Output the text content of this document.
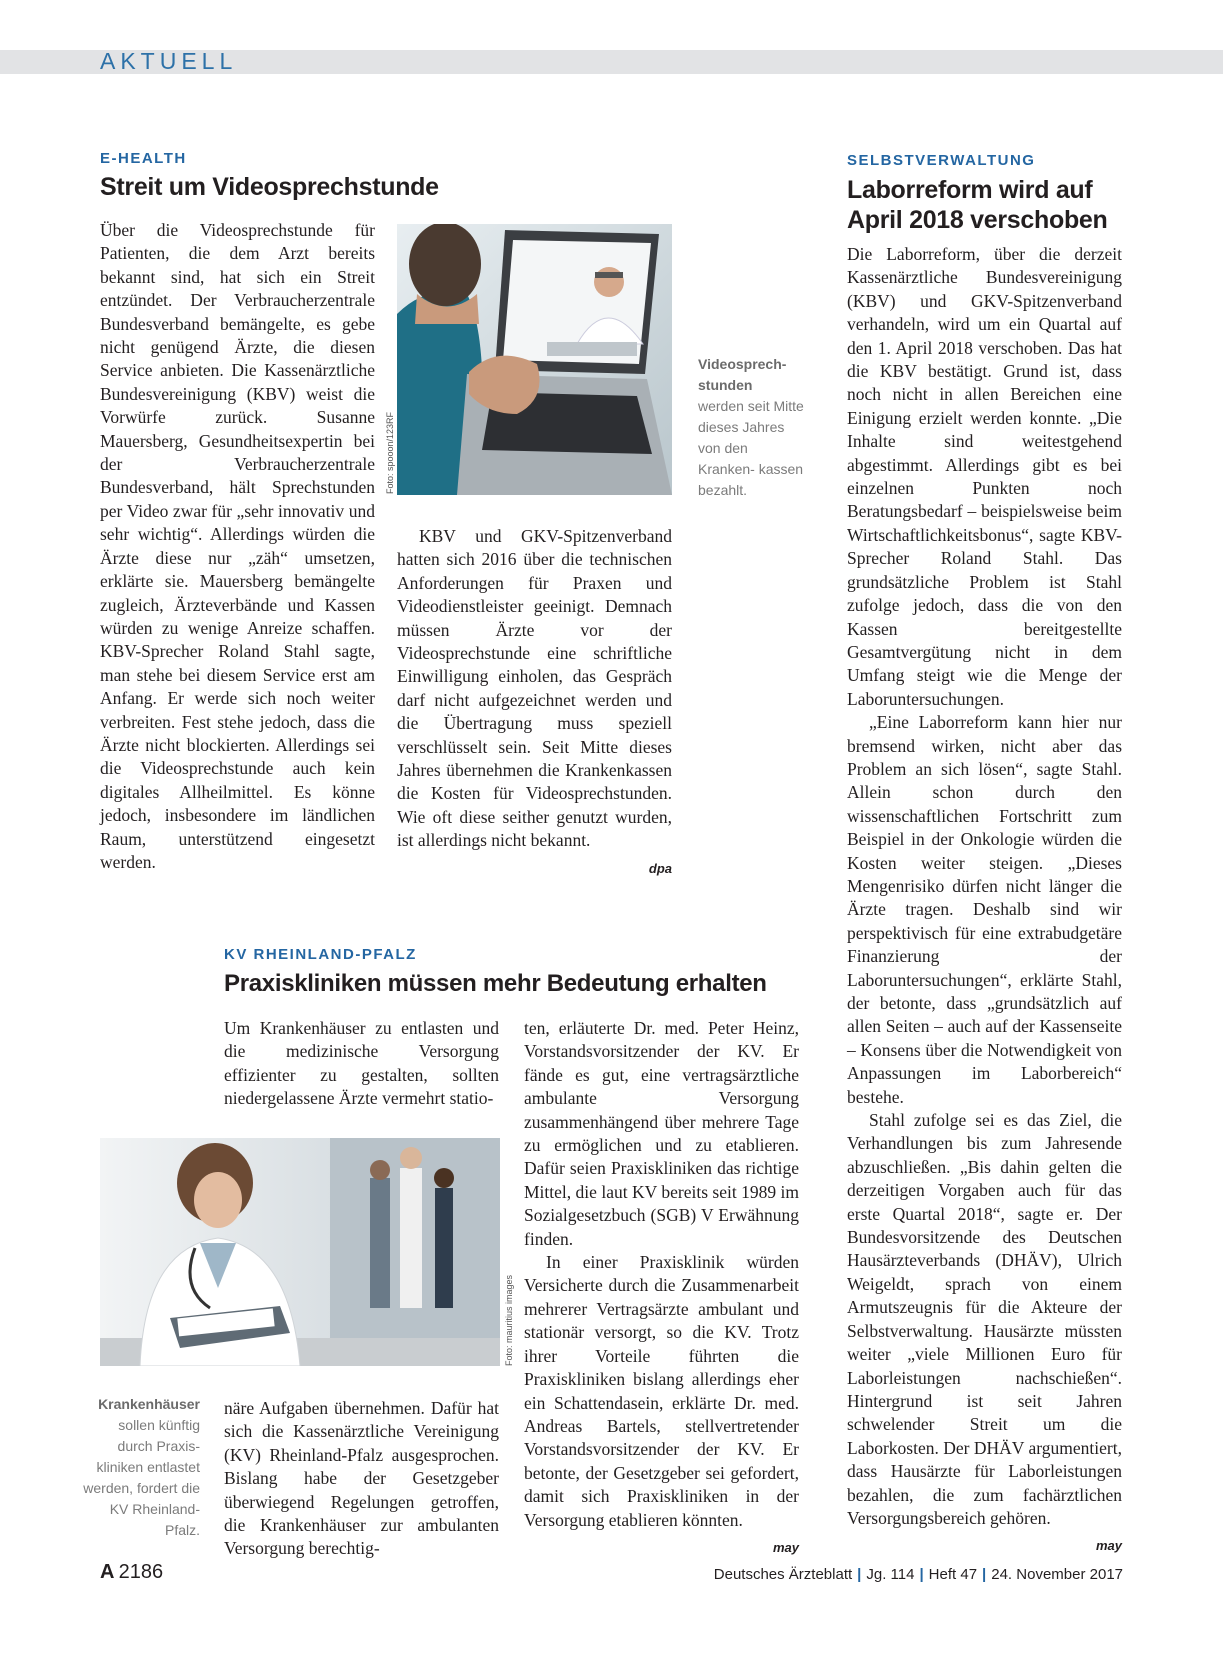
AKTUELL
E-HEALTH
Streit um Videosprechstunde

Über die Videosprechstunde für Patienten, die dem Arzt bereits bekannt sind, hat sich ein Streit entzündet. Der Verbraucherzentrale Bundesverband bemängelte, es gebe nicht genügend Ärzte, die diesen Service anbieten. Die Kassenärztliche Bundesvereinigung (KBV) weist die Vorwürfe zurück. Susanne Mauersberg, Gesundheitsexpertin bei der Verbraucherzentrale Bundesverband, hält Sprechstunden per Video zwar für „sehr innovativ und sehr wichtig“. Allerdings würden die Ärzte diese nur „zäh“ umsetzen, erklärte sie. Mauersberg bemängelte zugleich, Ärzteverbände und Kassen würden zu wenige Anreize schaffen. KBV-Sprecher Roland Stahl sagte, man stehe bei diesem Service erst am Anfang. Er werde sich noch weiter verbreiten. Fest stehe jedoch, dass die Ärzte nicht blockierten. Allerdings sei die Videosprechstunde auch kein digitales Allheilmittel. Es könne jedoch, insbesondere im ländlichen Raum, unterstützend eingesetzt werden.

Foto: spooon/123RF
Videosprech- stunden
werden seit Mitte dieses Jahres von den Kranken- kassen bezahlt.

KBV und GKV-Spitzenverband hatten sich 2016 über die technischen Anforderungen für Praxen und Videodienstleister geeinigt. Demnach müssen Ärzte vor der Videosprechstunde eine schriftliche Einwilligung einholen, das Gespräch darf nicht aufgezeichnet werden und die Übertragung muss speziell verschlüsselt sein. Seit Mitte dieses Jahres übernehmen die Krankenkassen die Kosten für Videosprechstunden. Wie oft diese seither genutzt wurden, ist allerdings nicht bekannt.

dpa
SELBSTVERWALTUNG
Laborreform wird auf April 2018 verschoben

Die Laborreform, über die derzeit Kassenärztliche Bundesvereinigung (KBV) und GKV-Spitzenverband verhandeln, wird um ein Quartal auf den 1. April 2018 verschoben. Das hat die KBV bestätigt. Grund ist, dass noch nicht in allen Bereichen eine Einigung erzielt werden konnte. „Die Inhalte sind weitestgehend abgestimmt. Allerdings gibt es bei einzelnen Punkten noch Beratungsbedarf – beispielsweise beim Wirtschaftlichkeitsbonus“, sagte KBV-Sprecher Roland Stahl. Das grundsätzliche Problem ist Stahl zufolge jedoch, dass die von den Kassen bereitgestellte Gesamtvergütung nicht in dem Umfang steigt wie die Menge der Laboruntersuchungen.

„Eine Laborreform kann hier nur bremsend wirken, nicht aber das Problem an sich lösen“, sagte Stahl. Allein schon durch den wissenschaftlichen Fortschritt zum Beispiel in der Onkologie würden die Kosten weiter steigen. „Dieses Mengenrisiko dürfen nicht länger die Ärzte tragen. Deshalb sind wir perspektivisch für eine extrabudgetäre Finanzierung der Laboruntersuchungen“, erklärte Stahl, der betonte, dass „grundsätzlich auf allen Seiten – auch auf der Kassenseite – Konsens über die Notwendigkeit von Anpassungen im Laborbereich“ bestehe.

Stahl zufolge sei es das Ziel, die Verhandlungen bis zum Jahresende abzuschließen. „Bis dahin gelten die derzeitigen Vorgaben auch für das erste Quartal 2018“, sagte er. Der Bundesvorsitzende des Deutschen Hausärzteverbands (DHÄV), Ulrich Weigeldt, sprach von einem Armutszeugnis für die Akteure der Selbstverwaltung. Hausärzte müssten weiter „viele Millionen Euro für Laborleistungen nachschießen“. Hintergrund ist seit Jahren schwelender Streit um die Laborkosten. Der DHÄV argumentiert, dass Hausärzte für Laborleistungen bezahlen, die zum fachärztlichen Versorgungsbereich gehören.

may
KV RHEINLAND-PFALZ
Praxiskliniken müssen mehr Bedeutung erhalten

Um Krankenhäuser zu entlasten und die medizinische Versorgung effizienter zu gestalten, sollten niedergelassene Ärzte vermehrt statio-

Foto: mauritius images
Krankenhäuser
sollen künftig durch Praxis- kliniken entlastet werden, fordert die KV Rheinland- Pfalz.

näre Aufgaben übernehmen. Dafür hat sich die Kassenärztliche Vereinigung (KV) Rheinland-Pfalz ausgesprochen. Bislang habe der Gesetzgeber überwiegend Regelungen getroffen, die Krankenhäuser zur ambulanten Versorgung berechtig-

ten, erläuterte Dr. med. Peter Heinz, Vorstandsvorsitzender der KV. Er fände es gut, eine vertragsärztliche ambulante Versorgung zusammenhängend über mehrere Tage zu ermöglichen und zu etablieren. Dafür seien Praxiskliniken das richtige Mittel, die laut KV bereits seit 1989 im Sozialgesetzbuch (SGB) V Erwähnung finden.

In einer Praxisklinik würden Versicherte durch die Zusammenarbeit mehrerer Vertragsärzte ambulant und stationär versorgt, so die KV. Trotz ihrer Vorteile führten die Praxiskliniken bislang allerdings eher ein Schattendasein, erklärte Dr. med. Andreas Bartels, stellvertretender Vorstandsvorsitzender der KV. Er betonte, der Gesetzgeber sei gefordert, damit sich Praxiskliniken in der Versorgung etablieren könnten.

may
A 2186	Deutsches Ärzteblatt | Jg. 114 | Heft 47 | 24. November 2017
